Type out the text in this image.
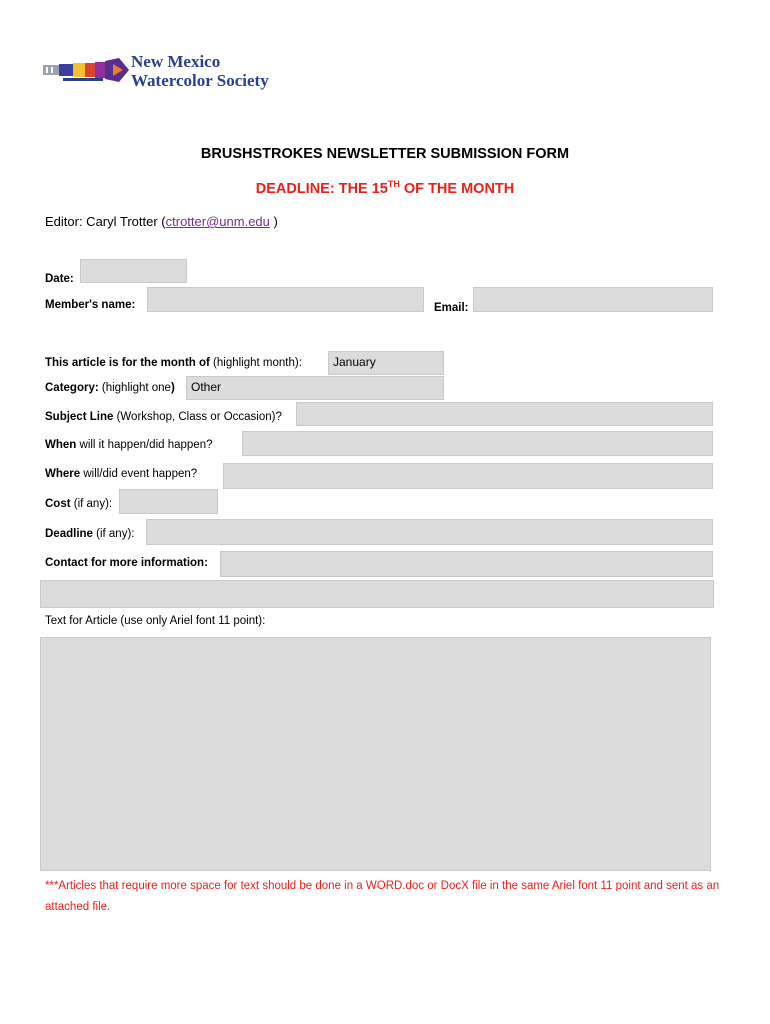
New Mexico
Watercolor Society
BRUSHSTROKES NEWSLETTER SUBMISSION FORM
DEADLINE: THE 15TH OF THE MONTH
Editor: Caryl Trotter (ctrotter@unm.edu )
Date:
Member's name:	Email:
This article is for the month of (highlight month):	January
Category: (highlight one)	Other
Subject Line (Workshop, Class or Occasion)?
When will it happen/did happen?
Where will/did event happen?
Cost (if any):
Deadline (if any):
Contact for more information:
Text for Article (use only Ariel font 11 point):
***Articles that require more space for text should be done in a WORD.doc or DocX file in the same Ariel font 11 point and sent as an attached file.
